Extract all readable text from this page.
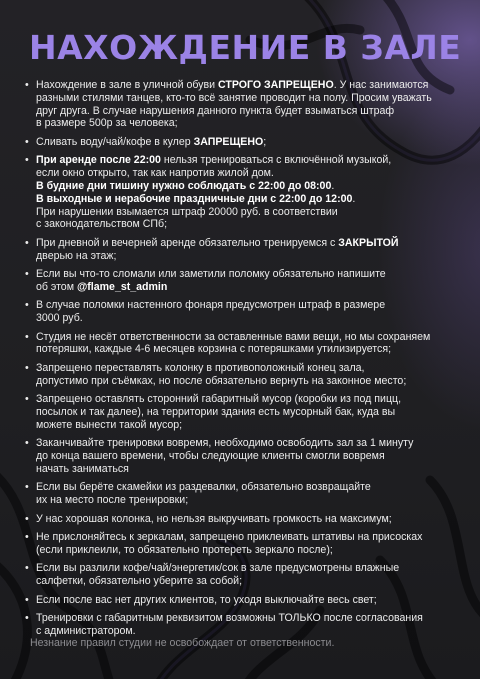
НАХОЖДЕНИЕ В ЗАЛЕ
• Нахождение в зале в уличной обуви СТРОГО ЗАПРЕЩЕНО. У нас занимаются
разными стилями танцев, кто-то всё занятие проводит на полу. Просим уважать
друг друга. В случае нарушения данного пункта будет взыматься штраф
в размере 500р за человека;
• Сливать воду/чай/кофе в кулер ЗАПРЕЩЕНО;
• При аренде после 22:00 нельзя тренироваться с включённой музыкой,
если окно открыто, так как напротив жилой дом.
В будние дни тишину нужно соблюдать с 22:00 до 08:00.
В выходные и нерабочие праздничные дни с 22:00 до 12:00.
При нарушении взымается штраф 20000 руб. в соответствии
с законодательством СПб;
• При дневной и вечерней аренде обязательно тренируемся с ЗАКРЫТОЙ
дверью на этаж;
• Если вы что-то сломали или заметили поломку обязательно напишите
об этом @flame_st_admin
• В случае поломки настенного фонаря предусмотрен штраф в размере
3000 руб.
• Студия не несёт ответственности за оставленные вами вещи, но мы сохраняем
потеряшки, каждые 4-6 месяцев корзина с потеряшками утилизируется;
• Запрещено переставлять колонку в противоположный конец зала,
допустимо при съёмках, но после обязательно вернуть на законное место;
• Запрещено оставлять сторонний габаритный мусор (коробки из под пицц,
посылок и так далее), на территории здания есть мусорный бак, куда вы
можете вынести такой мусор;
• Заканчивайте тренировки вовремя, необходимо освободить зал за 1 минуту
до конца вашего времени, чтобы следующие клиенты смогли вовремя
начать заниматься
• Если вы берёте скамейки из раздевалки, обязательно возвращайте
их на место после тренировки;
• У нас хорошая колонка, но нельзя выкручивать громкость на максимум;
• Не прислоняйтесь к зеркалам, запрещено приклеивать штативы на присосках
(если приклеили, то обязательно протереть зеркало после);
• Если вы разлили кофе/чай/энергетик/сок в зале предусмотрены влажные
салфетки, обязательно уберите за собой;
• Если после вас нет других клиентов, то уходя выключайте весь свет;
• Тренировки с габаритным реквизитом возможны ТОЛЬКО после согласования
с администратором.
Незнание правил студии не освобождает от ответственности.
